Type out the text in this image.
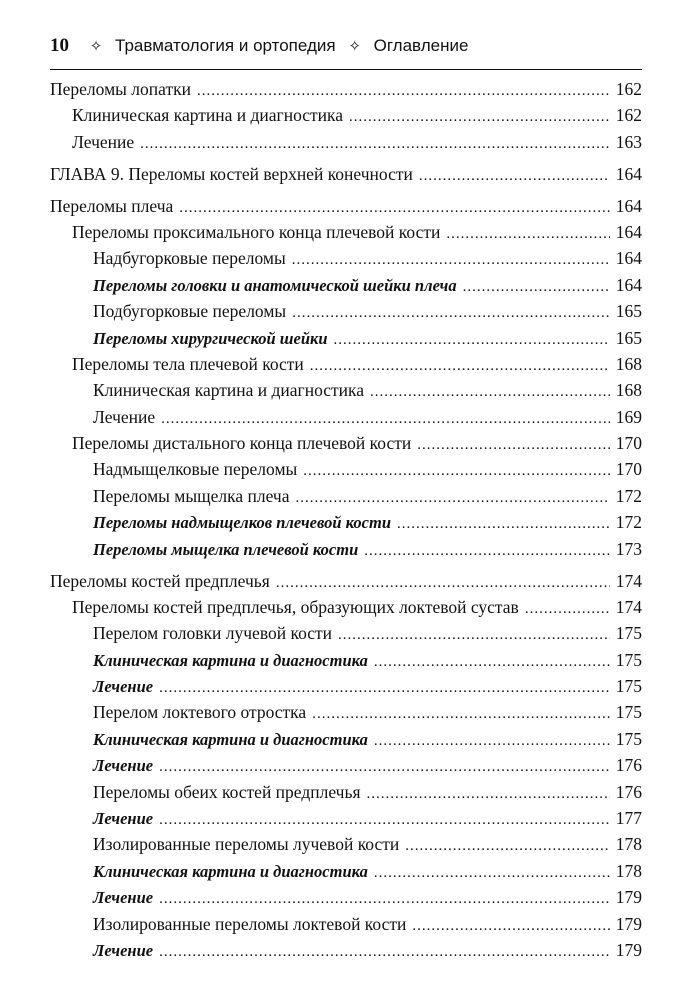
10 ✧ Травматология и ортопедия ✧ Оглавление
Переломы лопатки .....	162
Клиническая картина и диагностика .....	162
Лечение .....	163
ГЛАВА 9. Переломы костей верхней конечности .....	164
Переломы плеча .....	164
Переломы проксимального конца плечевой кости .....	164
Надбугорковые переломы .....	164
Переломы головки и анатомической шейки плеча .....	164
Подбугорковые переломы .....	165
Переломы хирургической шейки .....	165
Переломы тела плечевой кости .....	168
Клиническая картина и диагностика .....	168
Лечение .....	169
Переломы дистального конца плечевой кости .....	170
Надмыщелковые переломы .....	170
Переломы мыщелка плеча .....	172
Переломы надмыщелков плечевой кости .....	172
Переломы мыщелка плечевой кости .....	173
Переломы костей предплечья .....	174
Переломы костей предплечья, образующих локтевой сустав .....	174
Перелом головки лучевой кости .....	175
Клиническая картина и диагностика .....	175
Лечение .....	175
Перелом локтевого отростка .....	175
Клиническая картина и диагностика .....	175
Лечение .....	176
Переломы обеих костей предплечья .....	176
Лечение .....	177
Изолированные переломы лучевой кости .....	178
Клиническая картина и диагностика .....	178
Лечение .....	179
Изолированные переломы локтевой кости .....	179
Лечение .....	179
